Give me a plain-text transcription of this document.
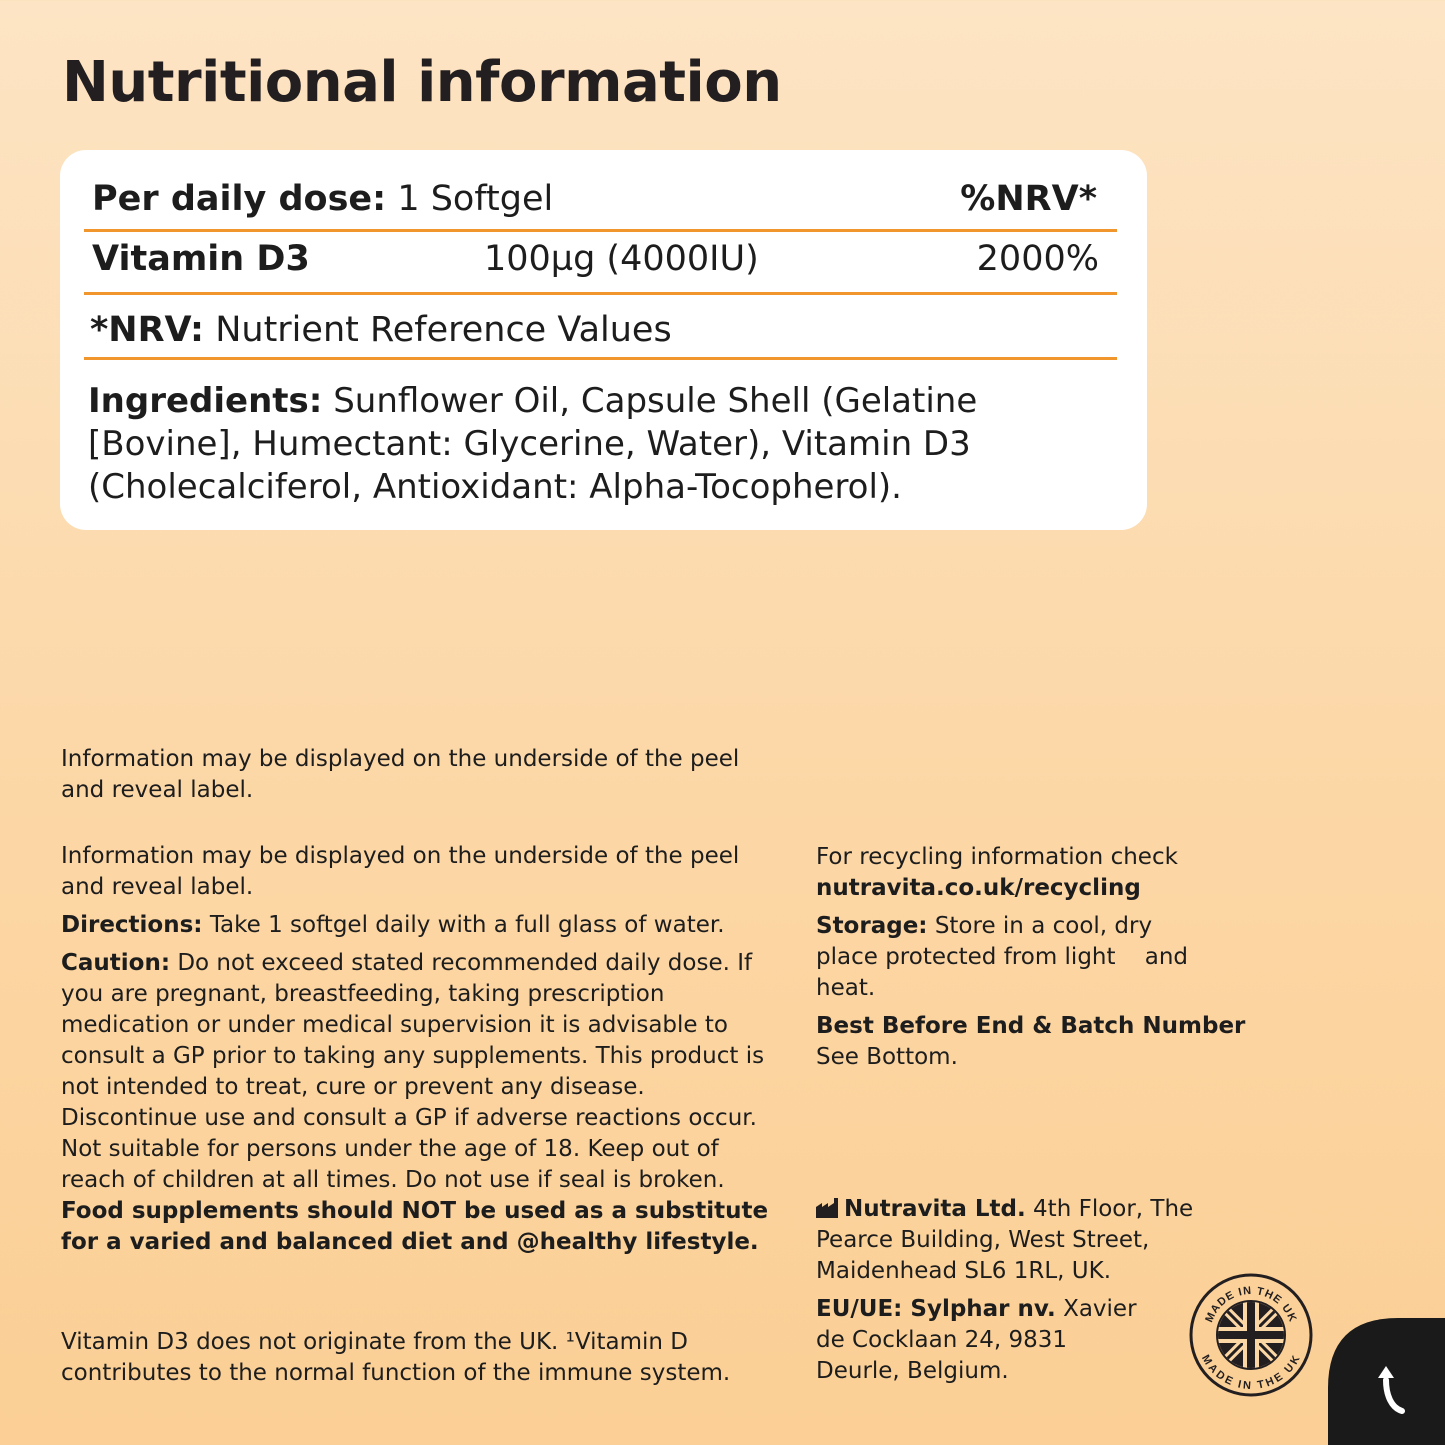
Nutritional information
Per daily dose: 1 Softgel	%NRV*
Vitamin D3	100µg (4000IU)	2000%
*NRV: Nutrient Reference Values
Ingredients: Sunflower Oil, Capsule Shell (Gelatine [Bovine], Humectant: Glycerine, Water), Vitamin D3 (Cholecalciferol, Antioxidant: Alpha-Tocopherol).

Information may be displayed on the underside of the peel and reveal label.

Information may be displayed on the underside of the peel and reveal label.

Directions: Take 1 softgel daily with a full glass of water.

Caution: Do not exceed stated recommended daily dose. If you are pregnant, breastfeeding, taking prescription medication or under medical supervision it is advisable to consult a GP prior to taking any supplements. This product is not intended to treat, cure or prevent any disease. Discontinue use and consult a GP if adverse reactions occur. Not suitable for persons under the age of 18. Keep out of reach of children at all times. Do not use if seal is broken. Food supplements should NOT be used as a substitute for a varied and balanced diet and @healthy lifestyle.

Vitamin D3 does not originate from the UK. ¹Vitamin D contributes to the normal function of the immune system.

For recycling information check
nutravita.co.uk/recycling

Storage: Store in a cool, dry place protected from light    and heat.

Best Before End & Batch Number
See Bottom.

Nutravita Ltd. 4th Floor, The Pearce Building, West Street, Maidenhead SL6 1RL, UK.

EU/UE: Sylphar nv. Xavier de Cocklaan 24, 9831 Deurle, Belgium.

MADE IN THE UK
MADE IN THE UK
